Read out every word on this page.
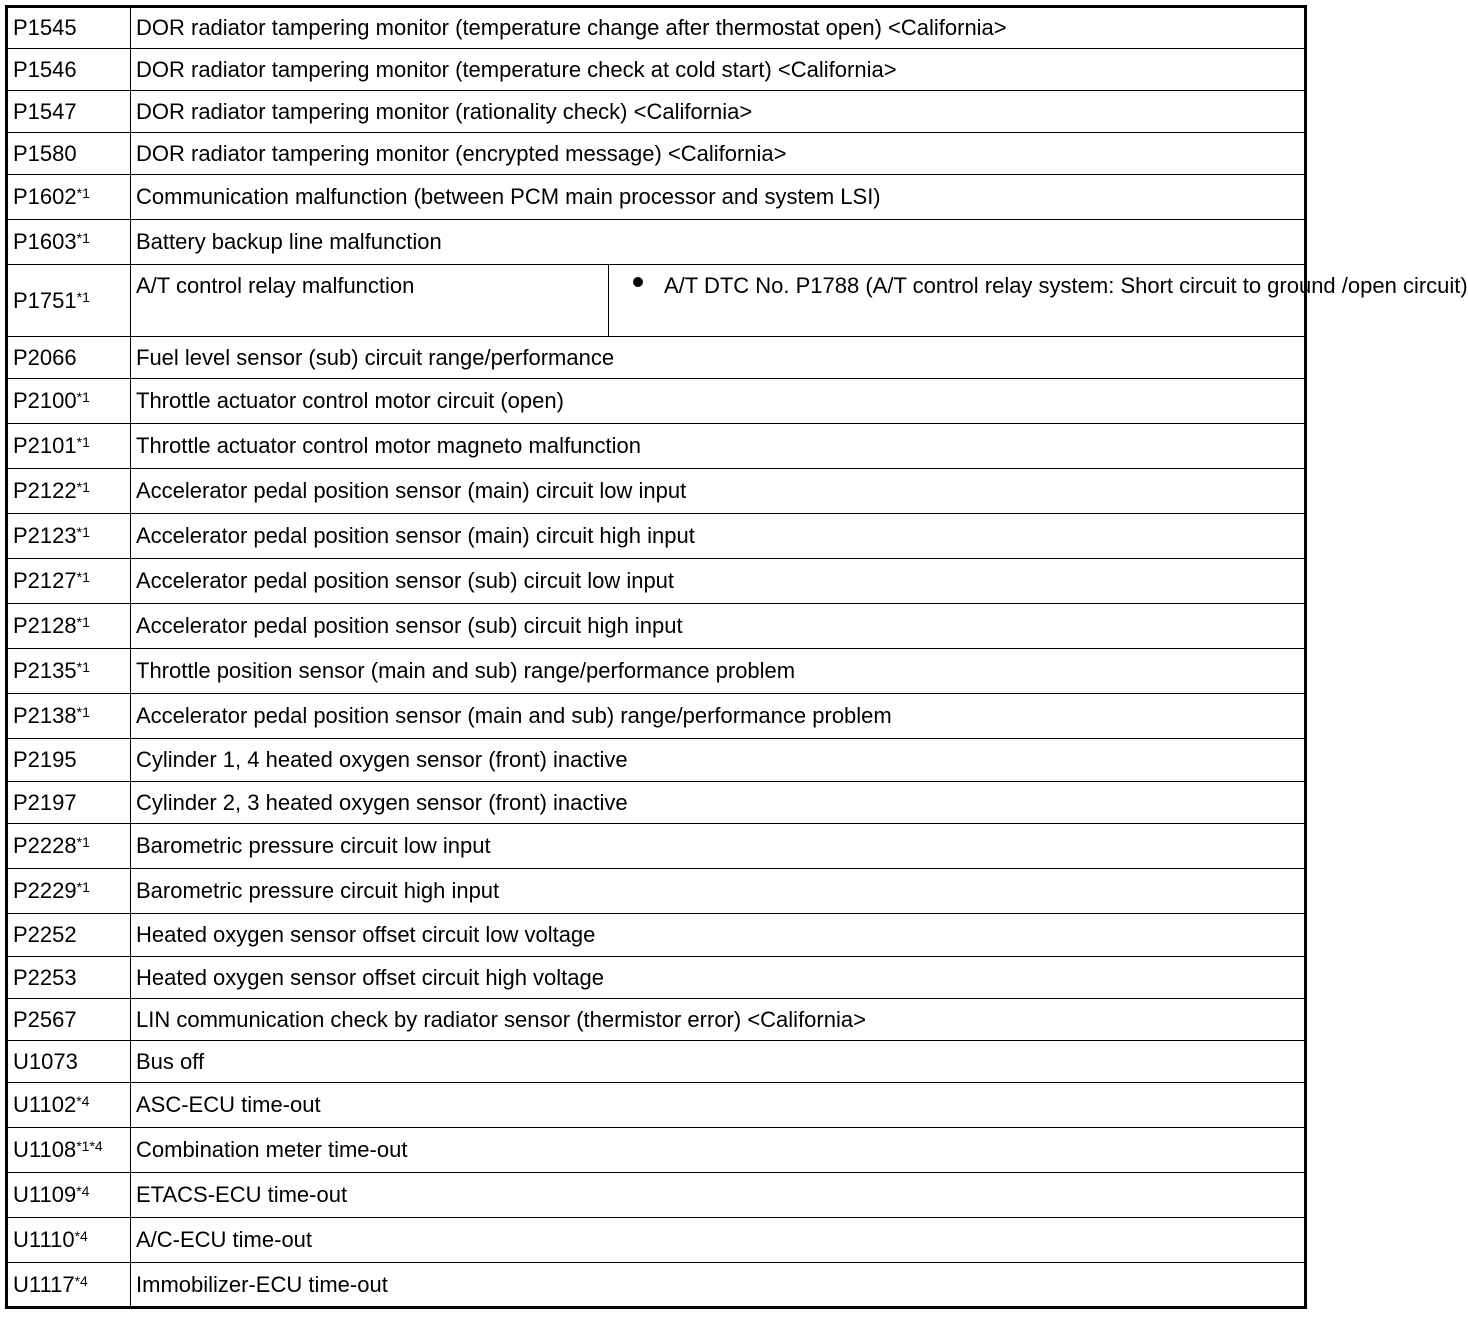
P1545	DOR radiator tampering monitor (temperature change after thermostat open) <California>	
P1546	DOR radiator tampering monitor (temperature check at cold start) <California>	
P1547	DOR radiator tampering monitor (rationality check) <California>	
P1580	DOR radiator tampering monitor (encrypted message) <California>	
P1602$^{*1}$	Communication malfunction (between PCM main processor and system LSI)	
P1603$^{*1}$	Battery backup line malfunction	
P1751$^{*1}$	A/T control relay malfunction	A/T DTC No. P1788 (A/T control relay system: Short circuit to ground /open circuit)

P2066	Fuel level sensor (sub) circuit range/performance	
P2100$^{*1}$	Throttle actuator control motor circuit (open)	
P2101$^{*1}$	Throttle actuator control motor magneto malfunction	
P2122$^{*1}$	Accelerator pedal position sensor (main) circuit low input	
P2123$^{*1}$	Accelerator pedal position sensor (main) circuit high input	
P2127$^{*1}$	Accelerator pedal position sensor (sub) circuit low input	
P2128$^{*1}$	Accelerator pedal position sensor (sub) circuit high input	
P2135$^{*1}$	Throttle position sensor (main and sub) range/performance problem	
P2138$^{*1}$	Accelerator pedal position sensor (main and sub) range/performance problem	
P2195	Cylinder 1, 4 heated oxygen sensor (front) inactive	
P2197	Cylinder 2, 3 heated oxygen sensor (front) inactive	
P2228$^{*1}$	Barometric pressure circuit low input	
P2229$^{*1}$	Barometric pressure circuit high input	
P2252	Heated oxygen sensor offset circuit low voltage	
P2253	Heated oxygen sensor offset circuit high voltage	
P2567	LIN communication check by radiator sensor (thermistor error) <California>	
U1073	Bus off	
U1102$^{*4}$	ASC-ECU time-out	
$U1108^{*1*4}$	Combination meter time-out	
U1109$^{*4}$	ETACS-ECU time-out	
U1110$^{*4}$	A/C-ECU time-out	
U1117$^{*4}$	Immobilizer-ECU time-out	
